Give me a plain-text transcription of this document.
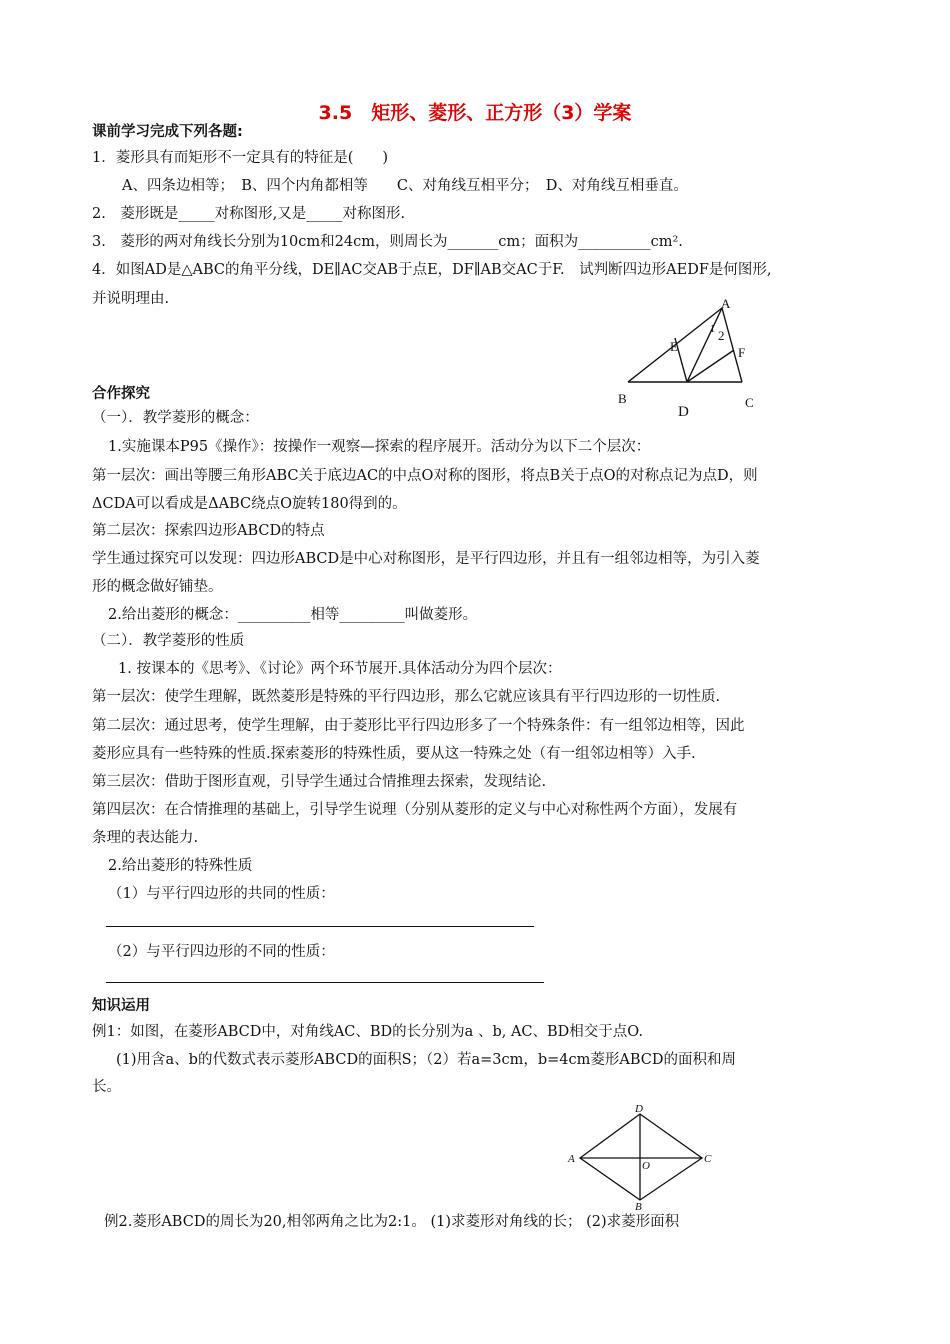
3.5　矩形、菱形、正方形（3）学案
课前学习完成下列各题:
1．菱形具有而矩形不一定具有的特征是(　　)
A、四条边相等；　B、四个内角都相等　　C、对角线互相平分；　D、对角线互相垂直。
2.　菱形既是_____对称图形,又是_____对称图形.
3.　菱形的两对角线长分别为10cm和24cm，则周长为_______cm；面积为__________cm².
4．如图AD是△ABC的角平分线，DE∥AC交AB于点E，DF∥AB交AC于F.　试判断四边形AEDF是何图形,
并说明理由.	A
E	F
B
D
C
1 2
合作探究
（一）．教学菱形的概念：
1.实施课本P95《操作》：按操作一观察—探索的程序展开。活动分为以下二个层次：
第一层次：画出等腰三角形ABC关于底边AC的中点O对称的图形，将点B关于点O的对称点记为点D，则
ΔCDA可以看成是ΔABC绕点O旋转180得到的。
第二层次：探索四边形ABCD的特点
学生通过探究可以发现：四边形ABCD是中心对称图形，是平行四边形，并且有一组邻边相等，为引入菱
形的概念做好铺垫。
2.给出菱形的概念：__________相等_________叫做菱形。
（二）．教学菱形的性质
1. 按课本的《思考》、《讨论》两个环节展开.具体活动分为四个层次：
第一层次：使学生理解，既然菱形是特殊的平行四边形，那么它就应该具有平行四边形的一切性质.
第二层次：通过思考，使学生理解，由于菱形比平行四边形多了一个特殊条件：有一组邻边相等，因此
菱形应具有一些特殊的性质.探索菱形的特殊性质，要从这一特殊之处（有一组邻边相等）入手.
第三层次：借助于图形直观，引导学生通过合情推理去探索，发现结论.
第四层次：在合情推理的基础上，引导学生说理（分别从菱形的定义与中心对称性两个方面），发展有
条理的表达能力.
2.给出菱形的特殊性质
（1）与平行四边形的共同的性质：
（2）与平行四边形的不同的性质：
知识运用
例1：如图，在菱形ABCD中，对角线AC、BD的长分别为a 、b, AC、BD相交于点O.
(1)用含a、b的代数式表示菱形ABCD的面积S；（2）若a=3cm，b=4cm菱形ABCD的面积和周
长。
D
A	C
O
B
例2.菱形ABCD的周长为20,相邻两角之比为2:1。 (1)求菱形对角线的长； (2)求菱形面积
